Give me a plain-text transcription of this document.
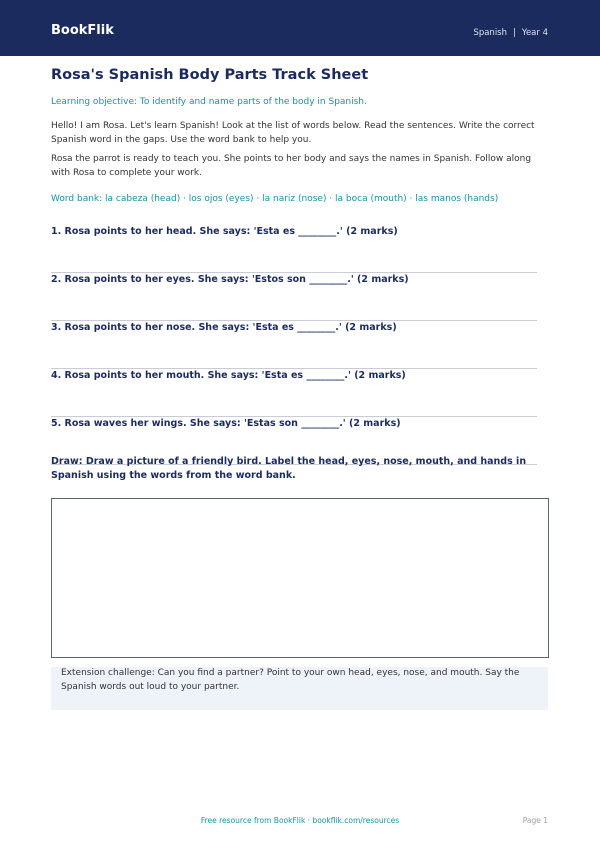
BookFlik	Spanish | Year 4
Rosa's Spanish Body Parts Track Sheet
Learning objective: To identify and name parts of the body in Spanish.

Hello! I am Rosa. Let's learn Spanish! Look at the list of words below. Read the sentences. Write the correct Spanish word in the gaps. Use the word bank to help you.

Rosa the parrot is ready to teach you. She points to her body and says the names in Spanish. Follow along with Rosa to complete your work.

Word bank: la cabeza (head) · los ojos (eyes) · la nariz (nose) · la boca (mouth) · las manos (hands)
1. Rosa points to her head. She says: 'Esta es ________.' (2 marks)
2. Rosa points to her eyes. She says: 'Estos son ________.' (2 marks)
3. Rosa points to her nose. She says: 'Esta es ________.' (2 marks)
4. Rosa points to her mouth. She says: 'Esta es ________.' (2 marks)
5. Rosa waves her wings. She says: 'Estas son ________.' (2 marks)
Draw: Draw a picture of a friendly bird. Label the head, eyes, nose, mouth, and hands in Spanish using the words from the word bank.
Extension challenge: Can you find a partner? Point to your own head, eyes, nose, and mouth. Say the Spanish words out loud to your partner.
Free resource from BookFlik · bookflik.com/resources	Page 1
